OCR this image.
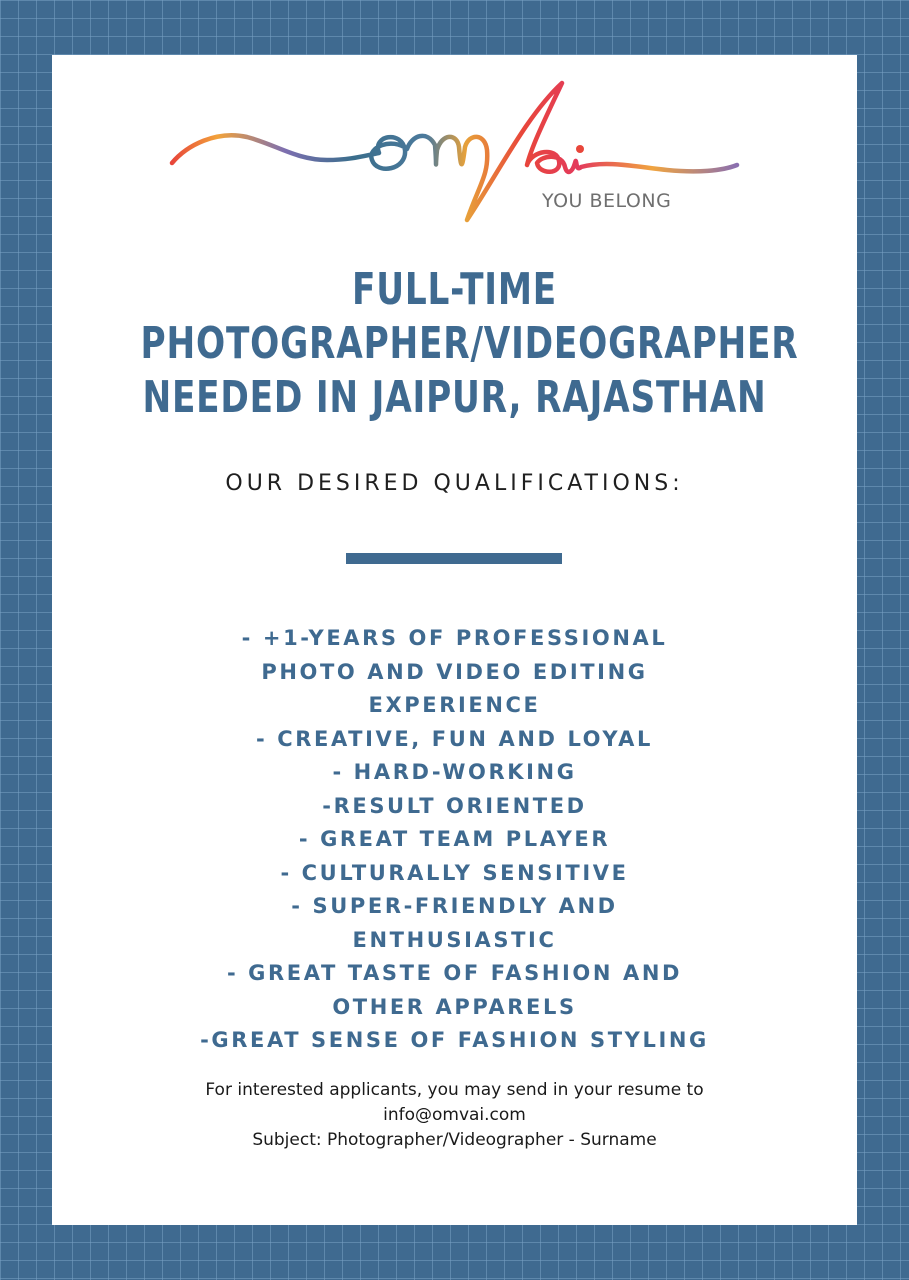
YOU BELONG
FULL-TIME
PHOTOGRAPHER/VIDEOGRAPHER
NEEDED IN JAIPUR, RAJASTHAN
OUR DESIRED QUALIFICATIONS:
- +1-YEARS OF PROFESSIONAL
PHOTO AND VIDEO EDITING
EXPERIENCE
- CREATIVE, FUN AND LOYAL
- HARD-WORKING
-RESULT ORIENTED
- GREAT TEAM PLAYER
- CULTURALLY SENSITIVE
- SUPER-FRIENDLY AND
ENTHUSIASTIC
- GREAT TASTE OF FASHION AND
OTHER APPARELS
-GREAT SENSE OF FASHION STYLING
For interested applicants, you may send in your resume to
info@omvai.com
Subject: Photographer/Videographer - Surname
